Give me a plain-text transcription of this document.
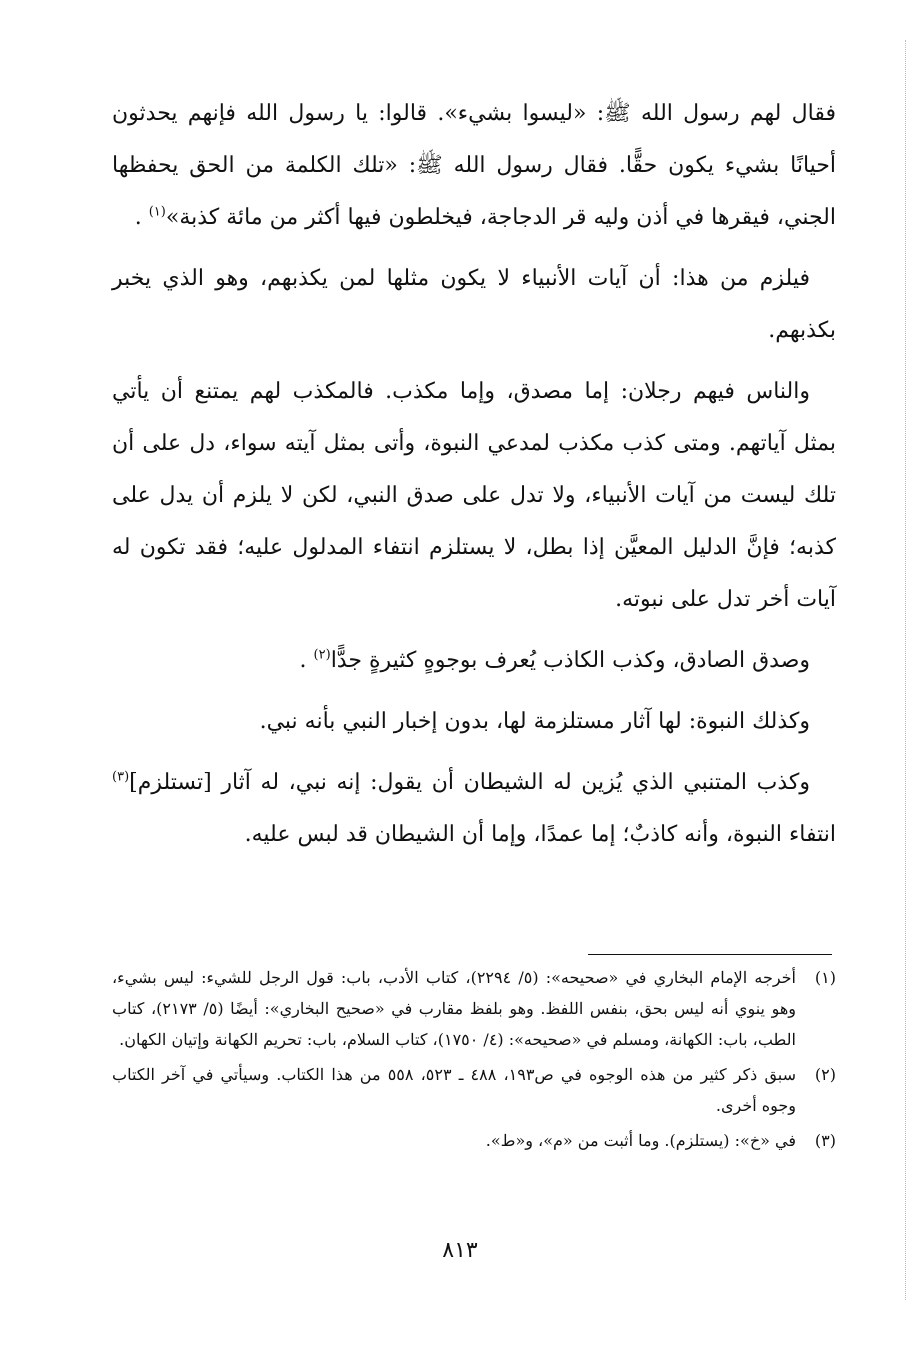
فقال لهم رسول الله ﷺ: «ليسوا بشيء». قالوا: يا رسول الله فإنهم يحدثون أحيانًا بشيء يكون حقًّا. فقال رسول الله ﷺ: «تلك الكلمة من الحق يحفظها الجني، فيقرها في أذن وليه قر الدجاجة، فيخلطون فيها أكثر من مائة كذبة»$^{(١)}$ .

فيلزم من هذا: أن آيات الأنبياء لا يكون مثلها لمن يكذبهم، وهو الذي يخبر بكذبهم.

والناس فيهم رجلان: إما مصدق، وإما مكذب. فالمكذب لهم يمتنع أن يأتي بمثل آياتهم. ومتى كذب مكذب لمدعي النبوة، وأتى بمثل آيته سواء، دل على أن تلك ليست من آيات الأنبياء، ولا تدل على صدق النبي، لكن لا يلزم أن يدل على كذبه؛ فإنَّ الدليل المعيَّن إذا بطل، لا يستلزم انتفاء المدلول عليه؛ فقد تكون له آيات أخر تدل على نبوته.

وصدق الصادق، وكذب الكاذب يُعرف بوجوهٍ كثيرةٍ جدًّا$^{(٢)}$ .

وكذلك النبوة: لها آثار مستلزمة لها، بدون إخبار النبي بأنه نبي.

وكذب المتنبي الذي يُزين له الشيطان أن يقول: إنه نبي، له آثار [تستلزم]$^{(٣)}$ انتفاء النبوة، وأنه كاذبٌ؛ إما عمدًا، وإما أن الشيطان قد لبس عليه.

(١)
أخرجه الإمام البخاري في «صحيحه»: (٥/ ٢٢٩٤)، كتاب الأدب، باب: قول الرجل للشيء: ليس بشيء، وهو ينوي أنه ليس بحق، بنفس اللفظ. وهو بلفظ مقارب في «صحيح البخاري»: أيضًا (٥/ ٢١٧٣)، كتاب الطب، باب: الكهانة، ومسلم في «صحيحه»: (٤/ ١٧٥٠)، كتاب السلام، باب: تحريم الكهانة وإتيان الكهان.
(٢)
سبق ذكر كثير من هذه الوجوه في ص١٩٣، ٤٨٨ ـ ٥٢٣، ٥٥٨ من هذا الكتاب. وسيأتي في آخر الكتاب وجوه أخرى.
(٣)
في «خ»: (يستلزم). وما أثبت من «م»، و«ط».
٨١٣
